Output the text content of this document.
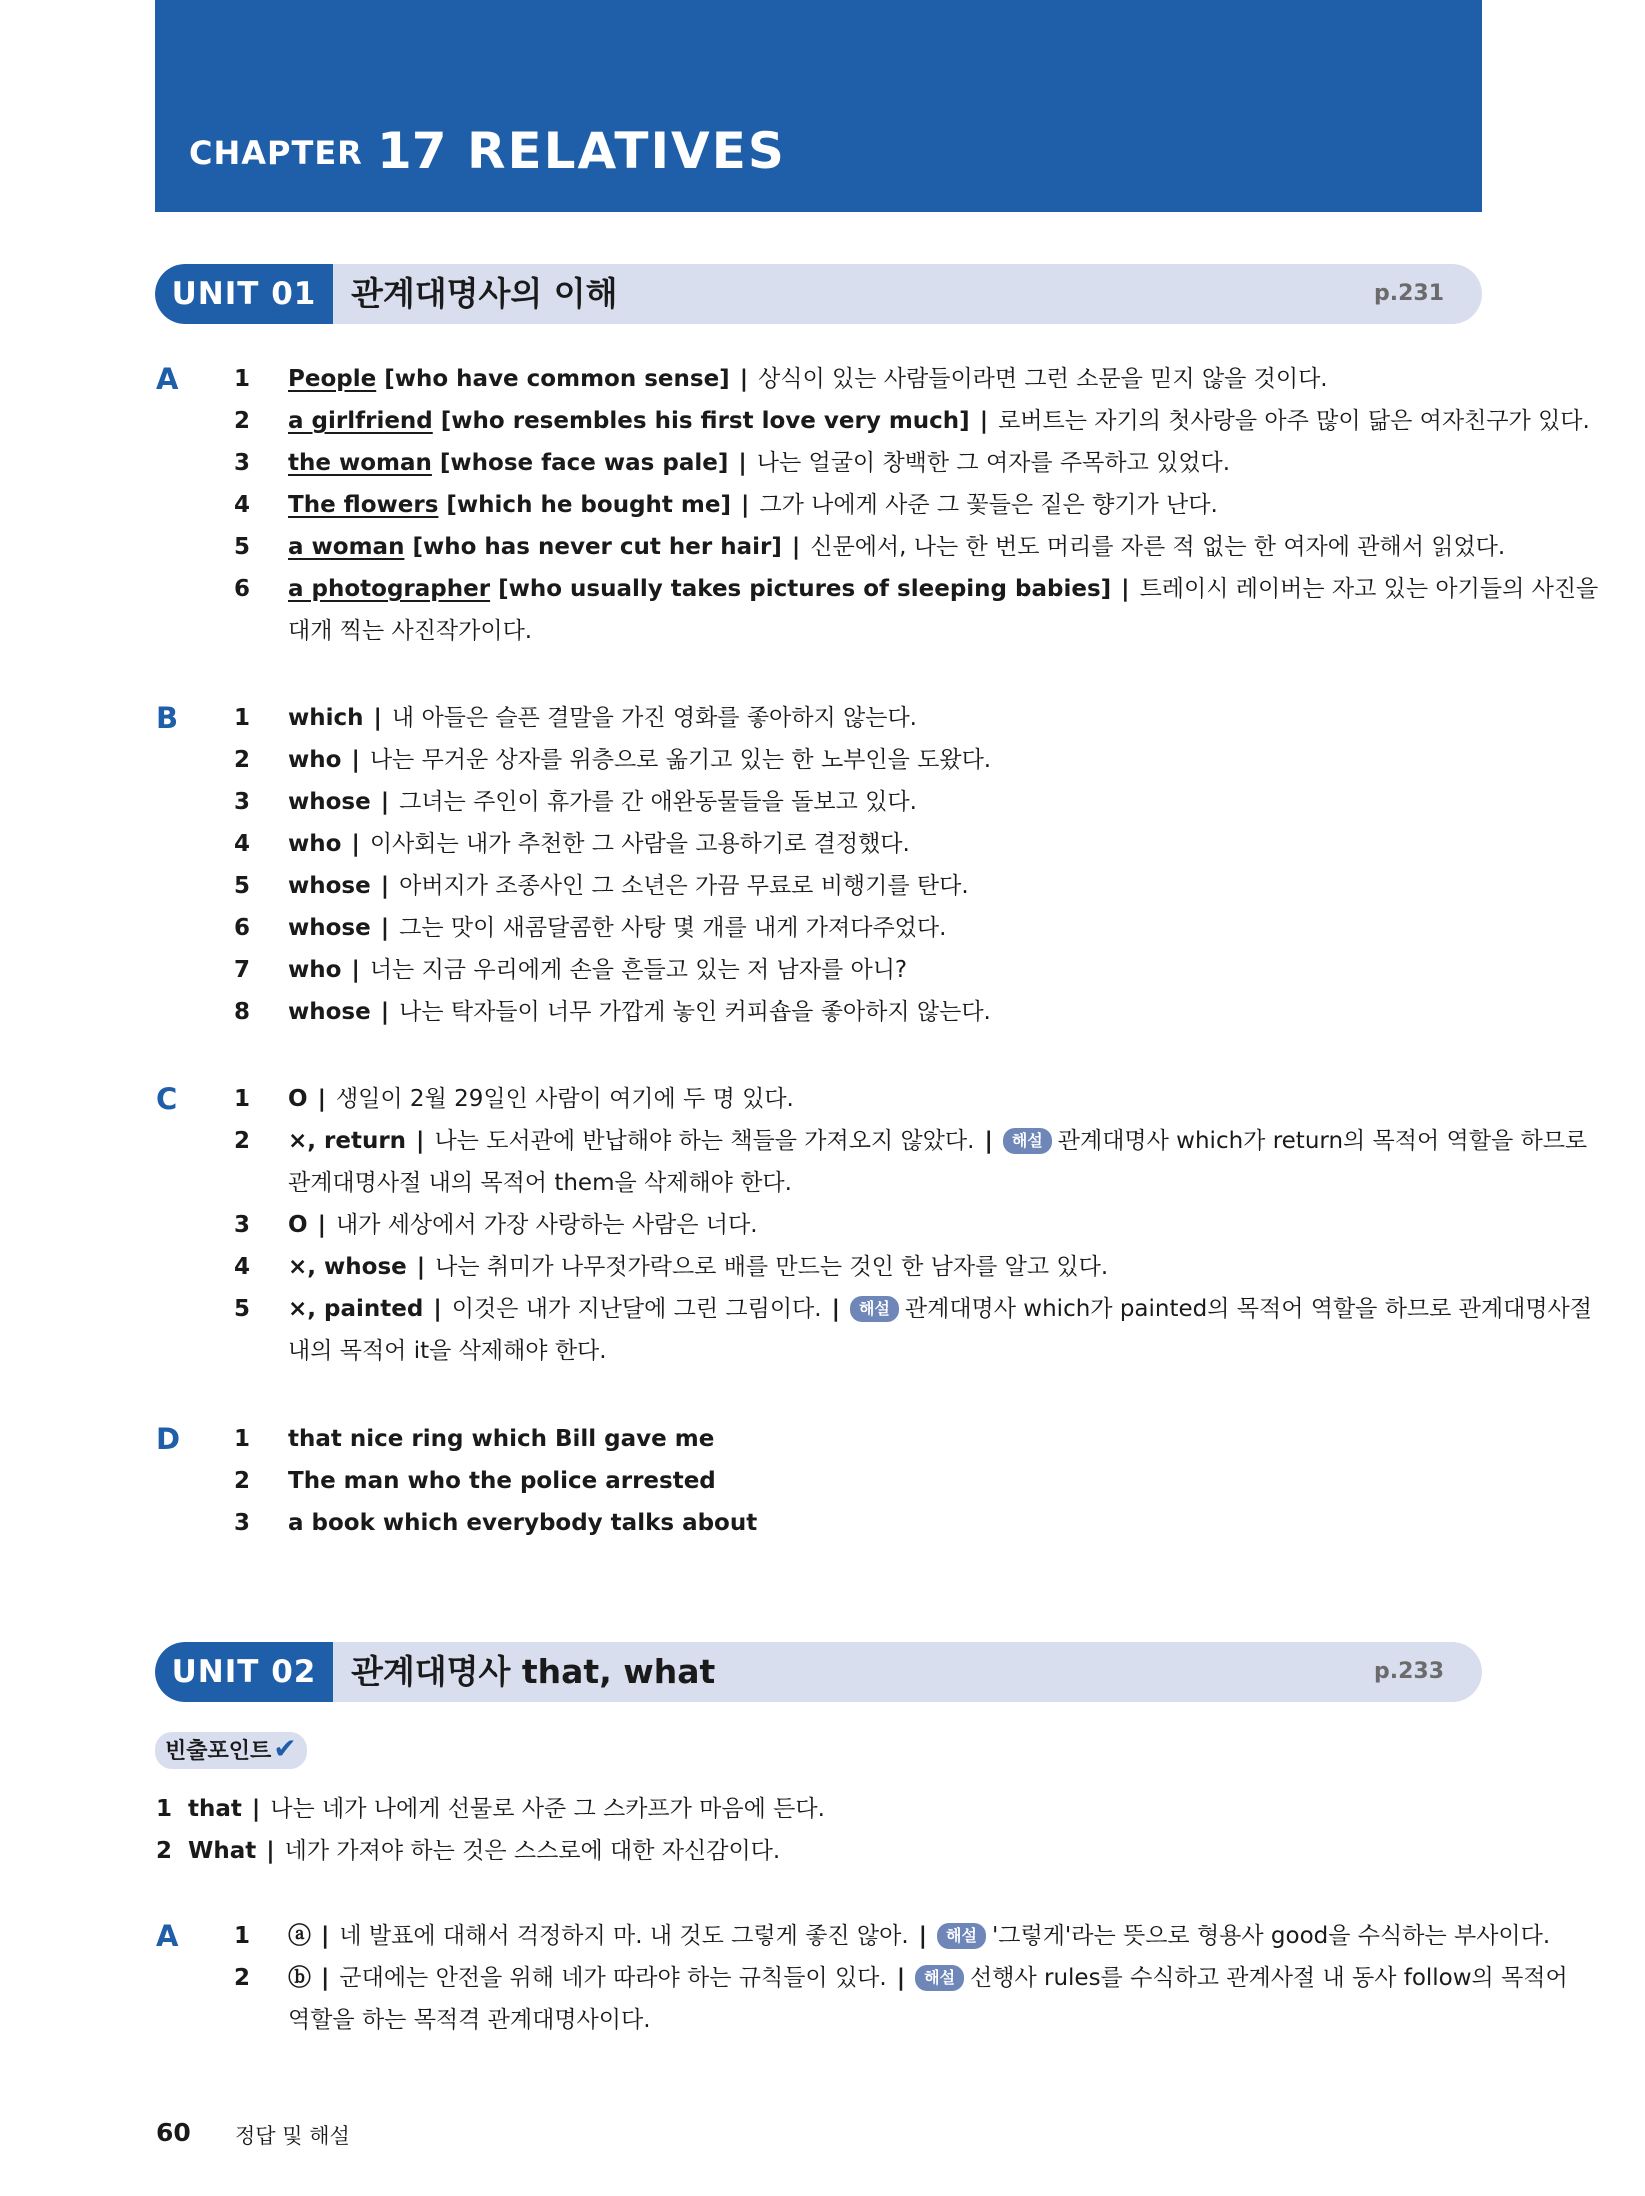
CHAPTER 17 RELATIVES
UNIT 01	관계대명사의 이해	p.231
A 1 People [who have common sense] | 상식이 있는 사람들이라면 그런 소문을 믿지 않을 것이다.
2 a girlfriend [who resembles his first love very much] | 로버트는 자기의 첫사랑을 아주 많이 닮은 여자친구가 있다.
3 the woman [whose face was pale] | 나는 얼굴이 창백한 그 여자를 주목하고 있었다.
4 The flowers [which he bought me] | 그가 나에게 사준 그 꽃들은 짙은 향기가 난다.
5 a woman [who has never cut her hair] | 신문에서, 나는 한 번도 머리를 자른 적 없는 한 여자에 관해서 읽었다.
6 a photographer [who usually takes pictures of sleeping babies] | 트레이시 레이버는 자고 있는 아기들의 사진을
대개 찍는 사진작가이다.
B 1 which | 내 아들은 슬픈 결말을 가진 영화를 좋아하지 않는다.
2 who | 나는 무거운 상자를 위층으로 옮기고 있는 한 노부인을 도왔다.
3 whose | 그녀는 주인이 휴가를 간 애완동물들을 돌보고 있다.
4 who | 이사회는 내가 추천한 그 사람을 고용하기로 결정했다.
5 whose | 아버지가 조종사인 그 소년은 가끔 무료로 비행기를 탄다.
6 whose | 그는 맛이 새콤달콤한 사탕 몇 개를 내게 가져다주었다.
7 who | 너는 지금 우리에게 손을 흔들고 있는 저 남자를 아니?
8 whose | 나는 탁자들이 너무 가깝게 놓인 커피숍을 좋아하지 않는다.
C 1 O | 생일이 2월 29일인 사람이 여기에 두 명 있다.
2 ×, return | 나는 도서관에 반납해야 하는 책들을 가져오지 않았다. | 해설 관계대명사 which가 return의 목적어 역할을 하므로
관계대명사절 내의 목적어 them을 삭제해야 한다.
3 O | 내가 세상에서 가장 사랑하는 사람은 너다.
4 ×, whose | 나는 취미가 나무젓가락으로 배를 만드는 것인 한 남자를 알고 있다.
5 ×, painted | 이것은 내가 지난달에 그린 그림이다. | 해설 관계대명사 which가 painted의 목적어 역할을 하므로 관계대명사절
내의 목적어 it을 삭제해야 한다.
D 1 that nice ring which Bill gave me
2 The man who the police arrested
3 a book which everybody talks about
UNIT 02	관계대명사 that, what	p.233
빈출포인트✔
1 that | 나는 네가 나에게 선물로 사준 그 스카프가 마음에 든다.
2 What | 네가 가져야 하는 것은 스스로에 대한 자신감이다.
A 1 ⓐ | 네 발표에 대해서 걱정하지 마. 내 것도 그렇게 좋진 않아. | 해설 '그렇게'라는 뜻으로 형용사 good을 수식하는 부사이다.
2 ⓑ | 군대에는 안전을 위해 네가 따라야 하는 규칙들이 있다. | 해설 선행사 rules를 수식하고 관계사절 내 동사 follow의 목적어
역할을 하는 목적격 관계대명사이다.
60 정답 및 해설
